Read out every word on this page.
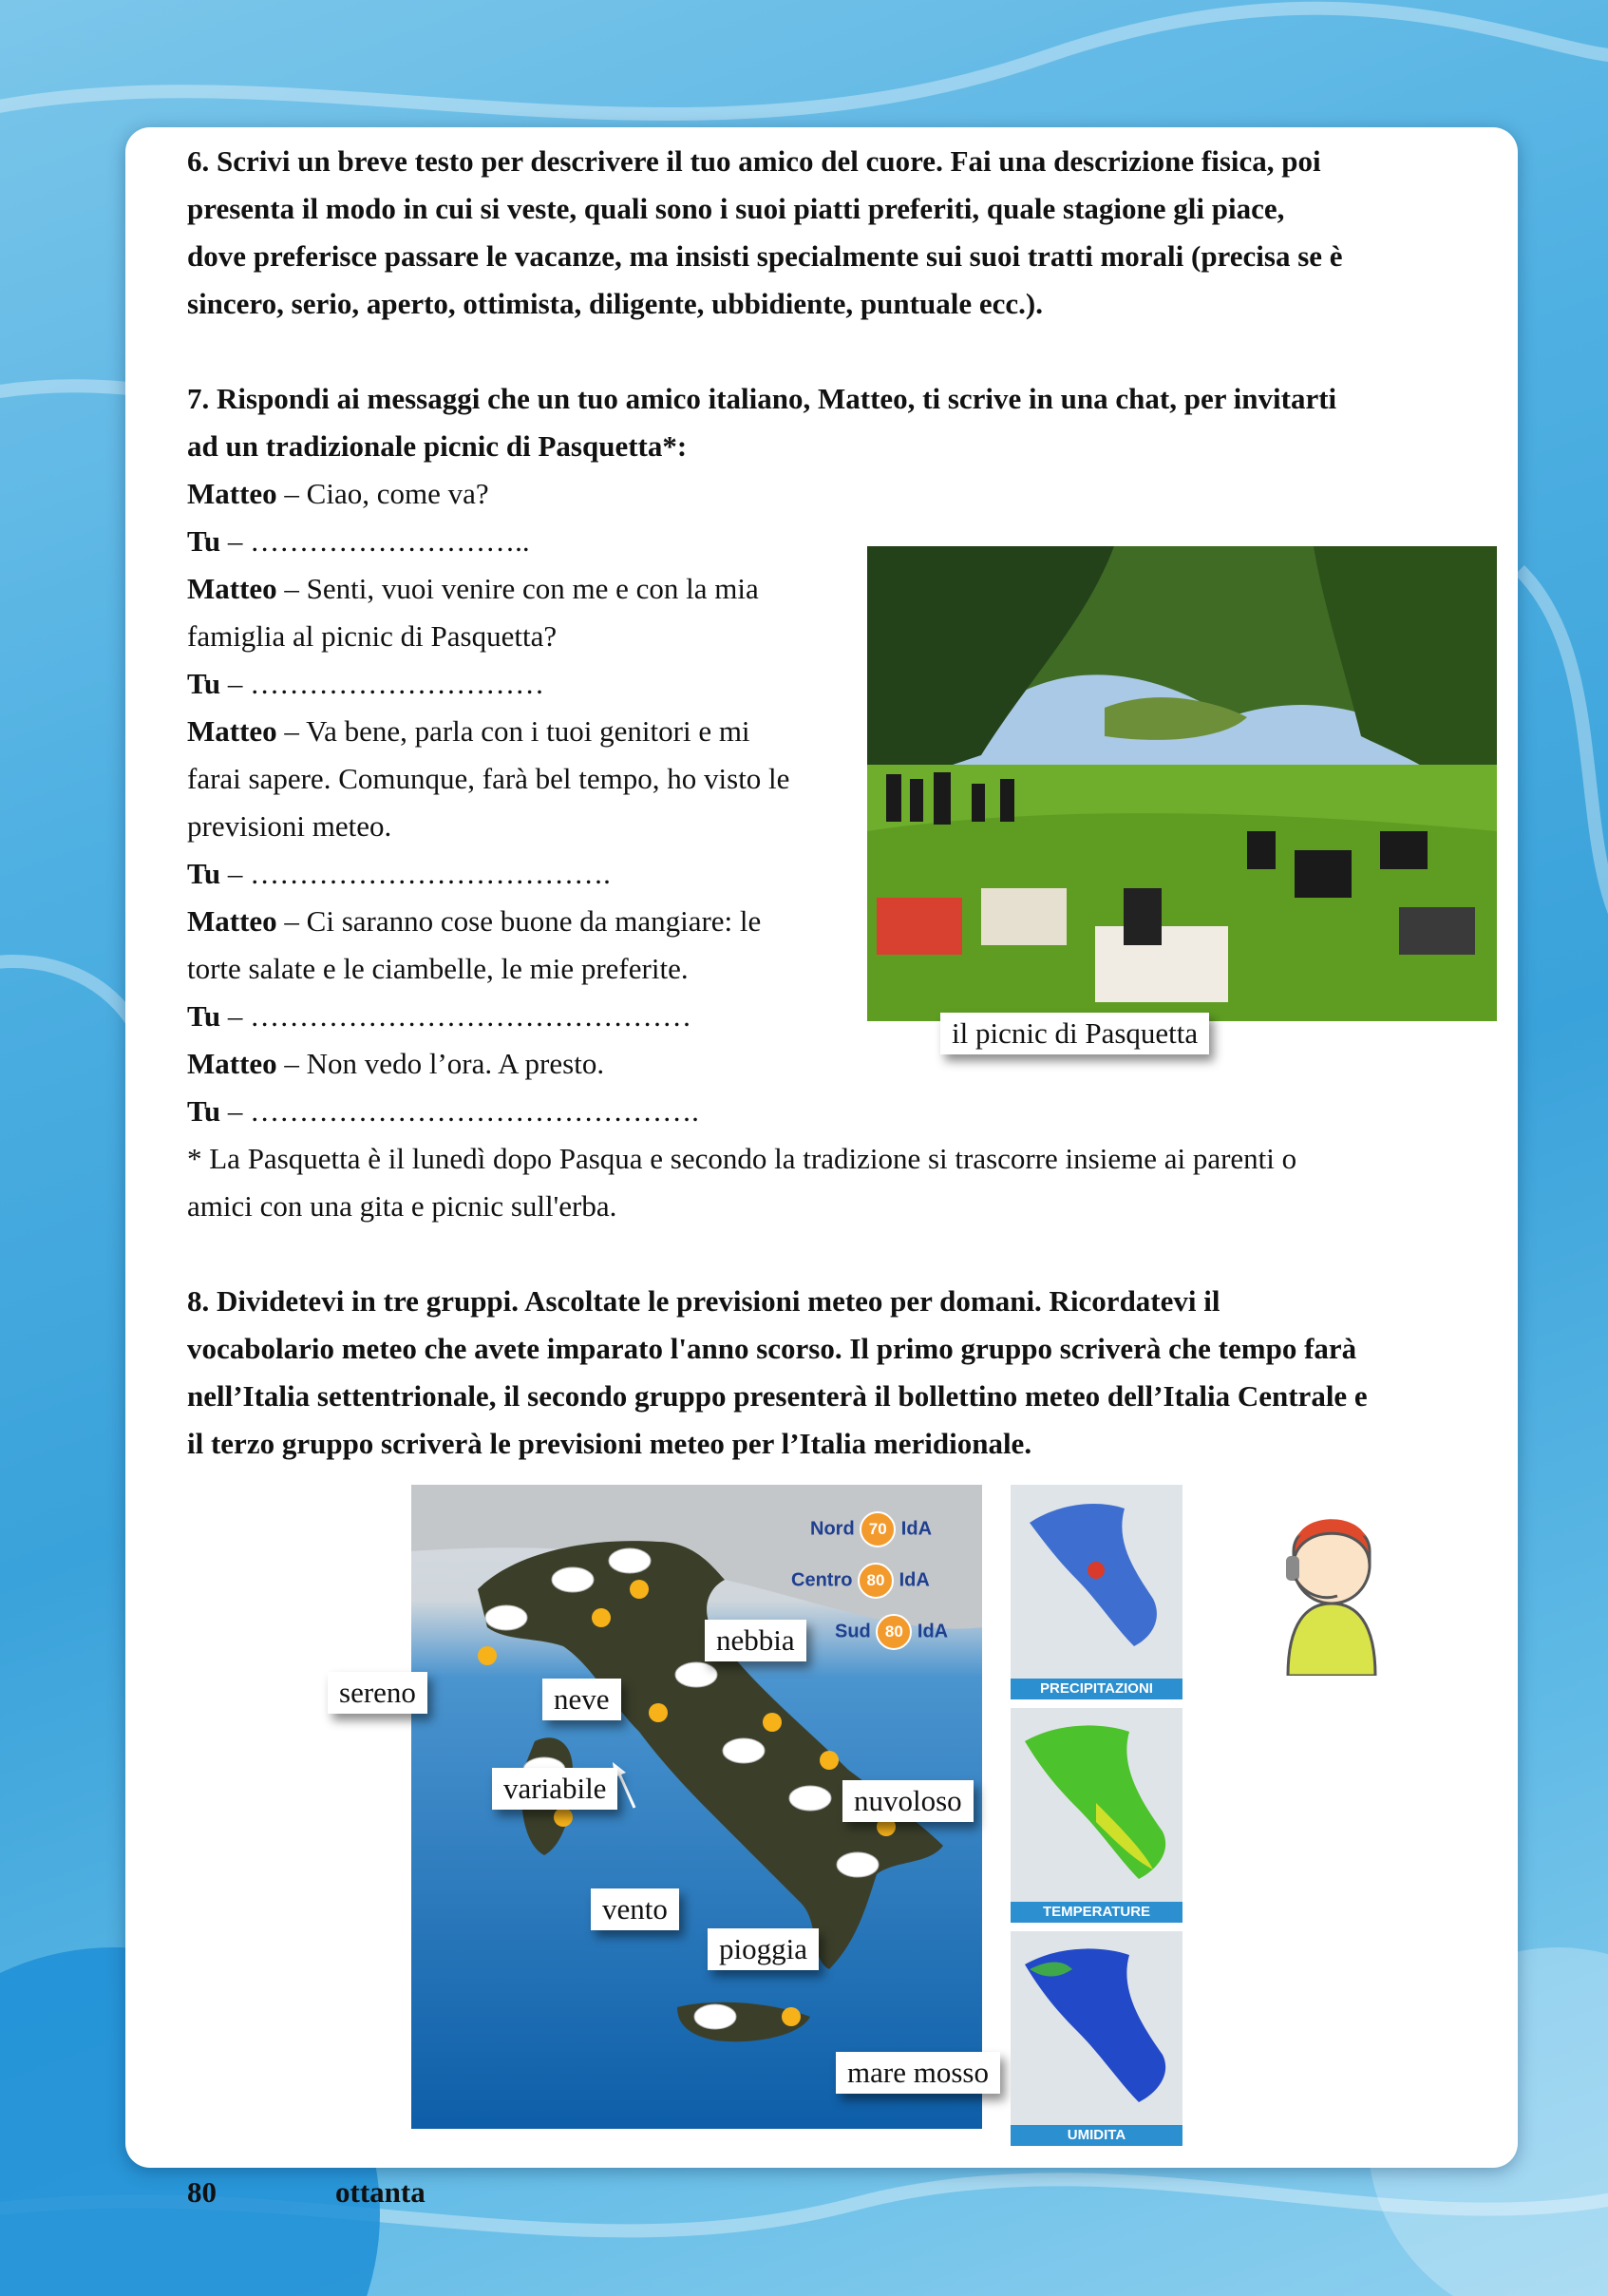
6. Scrivi un breve testo per descrivere il tuo amico del cuore. Fai una descrizione fisica, poi

presenta il modo in cui si veste, quali sono i suoi piatti preferiti, quale stagione gli piace,

dove preferisce passare le vacanze, ma insisti specialmente sui suoi tratti morali (precisa se è

sincero, serio, aperto, ottimista, diligente, ubbidiente, puntuale ecc.).

7. Rispondi ai messaggi che un tuo amico italiano, Matteo, ti scrive in una chat, per invitarti

ad un tradizionale picnic di Pasquetta*:

Matteo – Ciao, come va?

Tu – ………………………..

Matteo – Senti, vuoi venire con me e con la mia

famiglia al picnic di Pasquetta?

Tu – …………………………

Matteo – Va bene, parla con i tuoi genitori e mi

farai sapere. Comunque, farà bel tempo, ho visto le

previsioni meteo.

Tu – ……………………………….

Matteo – Ci saranno cose buone da mangiare: le

torte salate e le ciambelle, le mie preferite.

Tu – ………………………………………

Matteo – Non vedo l’ora. A presto.

Tu – ……………………………………….

* La Pasquetta è il lunedì dopo Pasqua e secondo la tradizione si trascorre insieme ai parenti o

amici con una gita e picnic sull'erba.

il picnic di Pasquetta

8. Dividetevi in tre gruppi. Ascoltate le previsioni meteo per domani. Ricordatevi il

vocabolario meteo che avete imparato l'anno scorso. Il primo gruppo scriverà che tempo farà

nell’Italia settentrionale, il secondo gruppo presenterà il bollettino meteo dell’Italia Centrale e

il terzo gruppo scriverà le previsioni meteo per l’Italia meridionale.

Nord 70 IdA
Centro 80 IdA
Sud 80 IdA
sereno	neve
nebbia
variabile	nuvoloso
vento
pioggia
mare mosso
PRECIPITAZIONI
TEMPERATURE
UMIDITA
80	ottanta
